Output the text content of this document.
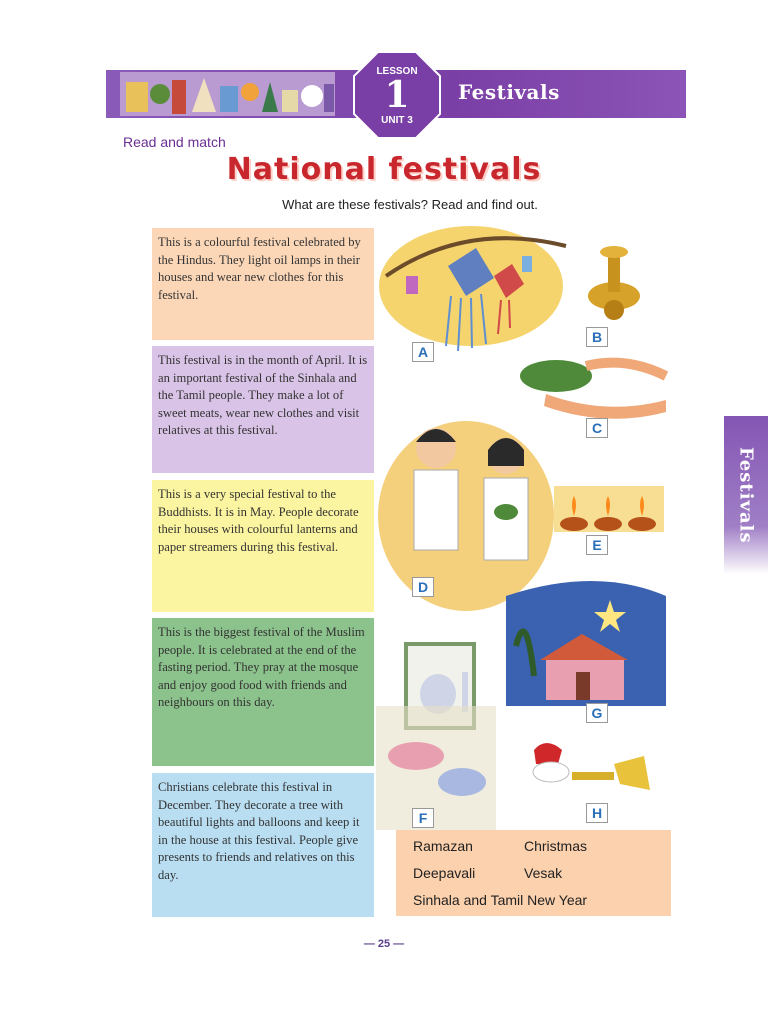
Festivals
LESSON
1
UNIT 3
Read and match
National festivals
What are these festivals? Read and find out.
This is a colourful festival celebrated by the Hindus. They light oil lamps in their houses and wear new clothes for this festival.
This festival is in the month of April. It is an important festival of the Sinhala and the Tamil people. They make a lot of sweet meats, wear new clothes and visit relatives at this festival.
This is a very special festival to the Buddhists. It is in May. People decorate their houses with colourful lanterns and paper streamers during this festival.
This is the biggest festival of the Muslim people. It is celebrated at the end of the fasting period. They pray at the mosque and enjoy good food with friends and neighbours on this day.
Christians celebrate this festival in December. They decorate a tree with beautiful lights and balloons and keep it in the house at this festival. People give presents to friends and relatives on this day.
A
B
C
D
E
F
G
H
Ramazan	Christmas
Deepavali	Vesak
Sinhala and Tamil New Year
Festivals
— 25 —
